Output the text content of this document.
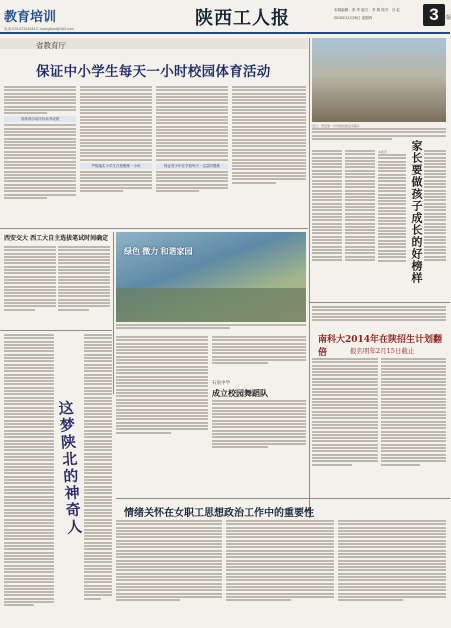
教育培训
电话:029-87344044 E-mail:gfwwi@163.com	陕西工人报	本版编辑：张 华 版式：李 娟 校对：吕 虹
2015年11月26日 星期四	3	版
省教育厅
保证中小学生每天一小时校园体育活动
省体育活动评价高考成绩
严格落实小学生在校锻炼一小时	保证青少年在学校每天一定量的锻炼
近日，西安第一中学的校园活动照片
家长要做孩子成长的好榜样
本报讯
西安交大 西工大自主选拔笔试时间确定
绿色 微力 和谐家园
南科大2014年在陕招生计划翻倍	报名明年2月15日截止
石泉中学
成立校园舞蹈队
这梦陕北的神奇人	情绪关怀在女职工思想政治工作中的重要性
